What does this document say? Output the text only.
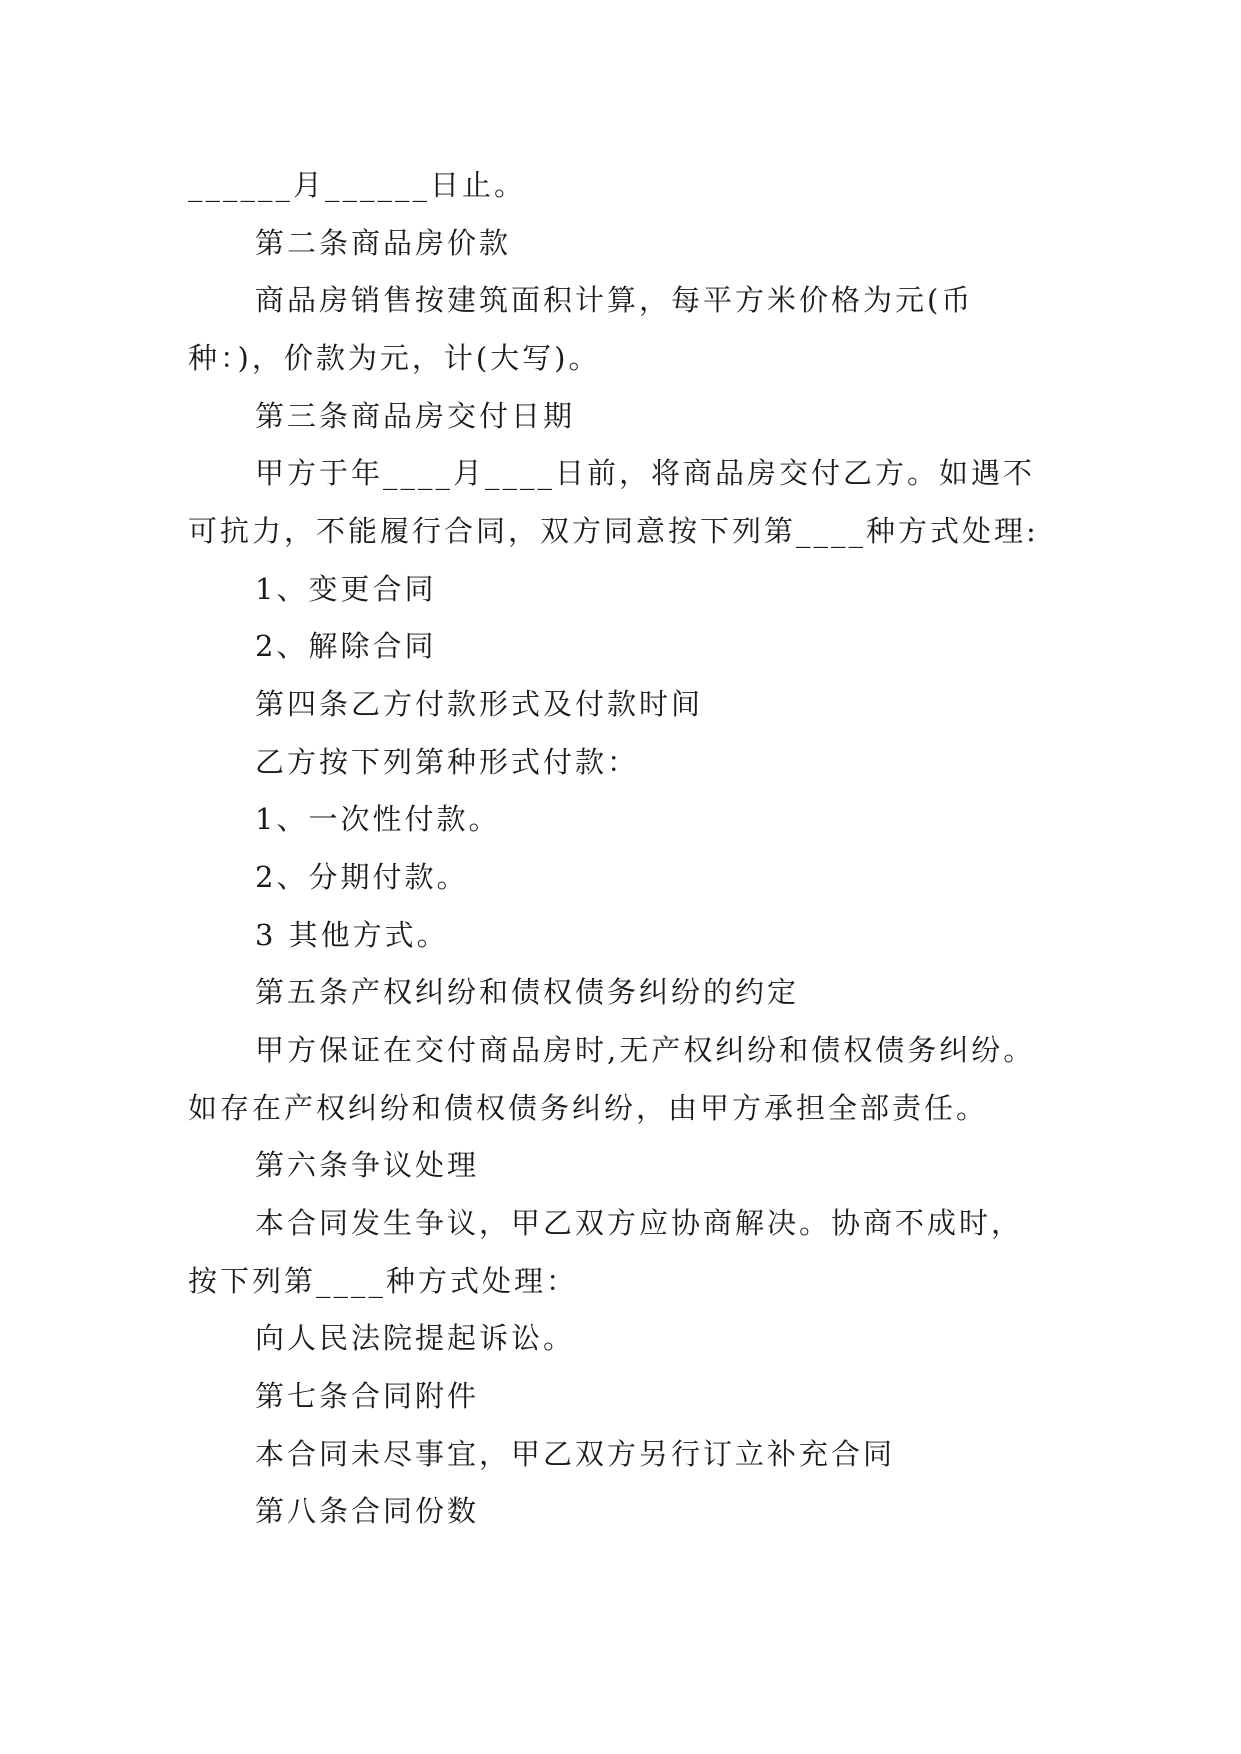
______月______日止。
第二条商品房价款
商品房销售按建筑面积计算，每平方米价格为元(币
种：)，价款为元，计(大写)。
第三条商品房交付日期
甲方于年____月____日前，将商品房交付乙方。如遇不
可抗力，不能履行合同，双方同意按下列第____种方式处理:
1、变更合同
2、解除合同
第四条乙方付款形式及付款时间
乙方按下列第种形式付款：
1、一次性付款。
2、分期付款。
3 其他方式。
第五条产权纠纷和债权债务纠纷的约定
甲方保证在交付商品房时,无产权纠纷和债权债务纠纷。
如存在产权纠纷和债权债务纠纷，由甲方承担全部责任。
第六条争议处理
本合同发生争议，甲乙双方应协商解决。协商不成时，
按下列第____种方式处理：
向人民法院提起诉讼。
第七条合同附件
本合同未尽事宜，甲乙双方另行订立补充合同
第八条合同份数
